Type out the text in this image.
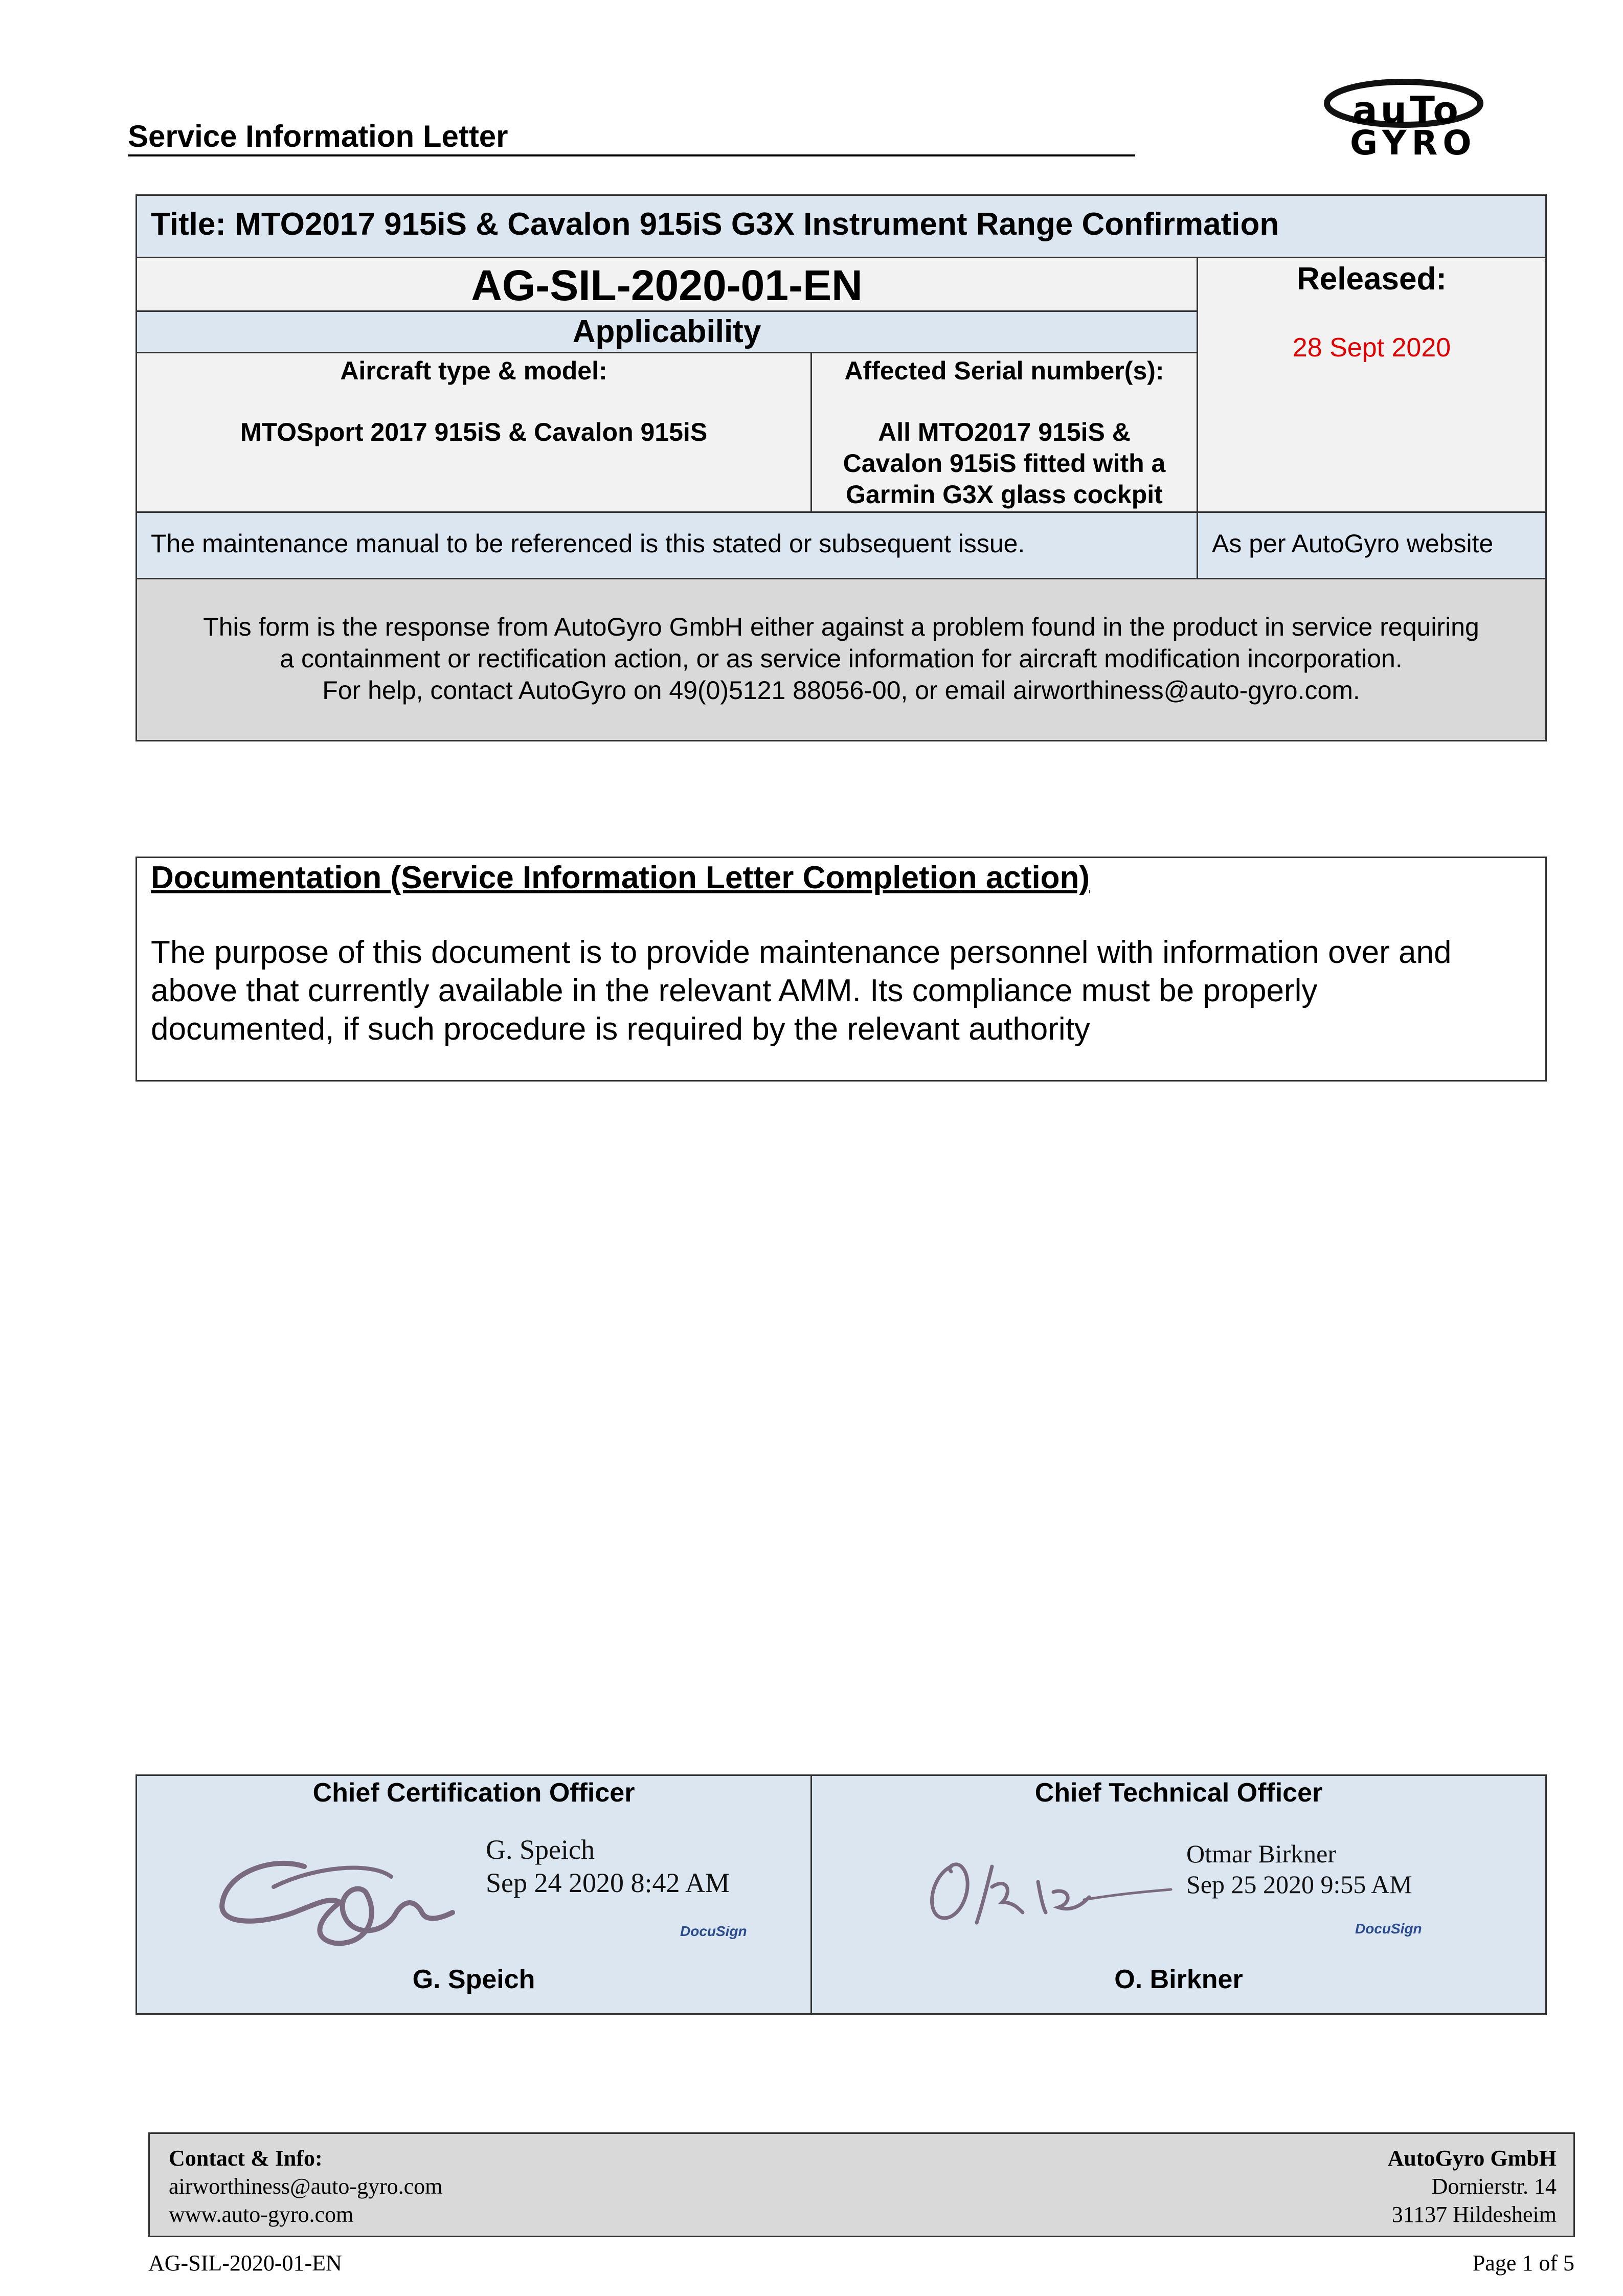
Service Information Letter
auTo
GYRO
Title: MTO2017 915iS & Cavalon 915iS G3X Instrument Range Confirmation
AG-SIL-2020-01-EN	Released:
28 Sept 2020
Applicability
Aircraft type & model:
MTOSport 2017 915iS & Cavalon 915iS
Affected Serial number(s):
All MTO2017 915iS &
Cavalon 915iS fitted with a
Garmin G3X glass cockpit
The maintenance manual to be referenced is this stated or subsequent issue.	As per AutoGyro website
This form is the response from AutoGyro GmbH either against a problem found in the product in service requiring
a containment or rectification action, or as service information for aircraft modification incorporation.
For help, contact AutoGyro on 49(0)5121 88056-00, or email airworthiness@auto-gyro.com.
Documentation (Service Information Letter Completion action)
The purpose of this document is to provide maintenance personnel with information over and
above that currently available in the relevant AMM. Its compliance must be properly
documented, if such procedure is required by the relevant authority
Chief Certification Officer
G. Speich
Sep 24 2020 8:42 AM
DocuSign
G. Speich
Chief Technical Officer
Otmar Birkner
Sep 25 2020 9:55 AM
DocuSign
O. Birkner
Contact & Info:
airworthiness@auto-gyro.com
www.auto-gyro.com
AutoGyro GmbH
Dornierstr. 14
31137 Hildesheim
AG-SIL-2020-01-EN	Page 1 of 5
